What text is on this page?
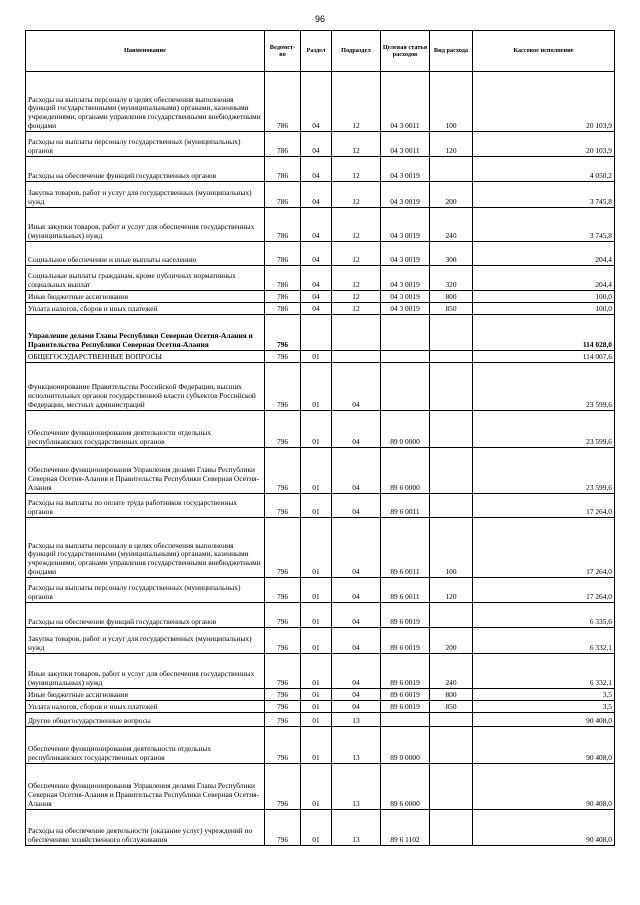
96
Наименование	Ведомст- во	Раздел	Подраздел	Целевая статья расходов	Вид расхода	Кассовое исполнение
Расходы на выплаты персоналу в целях обеспечения выполнения функций государственными (муниципальными) органами, казенными учреждениями, органами управления государственными внебюджетными фондами	786	04	12	04 3 0011	100	20 103,9
Расходы на выплаты персоналу государственных (муниципальных) органов	786	04	12	04 3 0011	120	20 103,9
Расходы на обеспечение функций государственных органов	786	04	12	04 3 0019		4 050,2
Закупка товаров, работ и услуг для государственных (муниципальных) нужд	786	04	12	04 3 0019	200	3 745,8
Иные закупки товаров, работ и услуг для обеспечения государственных (муниципальных) нужд	786	04	12	04 3 0019	240	3 745,8
Социальное обеспечение и иные выплаты населению	786	04	12	04 3 0019	300	204,4
Социальные выплаты гражданам, кроме публичных нормативных социальных выплат	786	04	12	04 3 0019	320	204,4
Иные бюджетные ассигнования	786	04	12	04 3 0019	800	100,0
Уплата налогов, сборов и иных платежей	786	04	12	04 3 0019	850	100,0
Управление делами Главы Республики Северная Осетия-Алания и Правительства Республики Северная Осетия-Алания	796					114 028,0
ОБЩЕГОСУДАРСТВЕННЫЕ ВОПРОСЫ	796	01				114 007,6
Функционирование Правительства Российской Федерации, высших исполнительных органов государственной власти субъектов Российской Федерации, местных администраций	796	01	04			23 599,6
Обеспечение функционирования деятельности отдельных республиканских государственных органов	796	01	04	89 0 0000		23 599,6
Обеспечение функционирования Управления делами Главы Республики Северная Осетия-Алания и Правительства Республики Северная Осетия-Алания	796	01	04	89 6 0000		23 599,6
Расходы на выплаты по оплате труда работников государственных органов	796	01	04	89 6 0011		17 264,0
Расходы на выплаты персоналу в целях обеспечения выполнения функций государственными (муниципальными) органами, казенными учреждениями, органами управления государственными внебюджетными фондами	796	01	04	89 6 0011	100	17 264,0
Расходы на выплаты персоналу государственных (муниципальных) органов	796	01	04	89 6 0011	120	17 264,0
Расходы на обеспечение функций государственных органов	796	01	04	89 6 0019		6 335,6
Закупка товаров, работ и услуг для государственных (муниципальных) нужд	796	01	04	89 6 0019	200	6 332,1
Иные закупки товаров, работ и услуг для обеспечения государственных (муниципальных) нужд	796	01	04	89 6 0019	240	6 332,1
Иные бюджетные ассигнования	796	01	04	89 6 0019	800	3,5
Уплата налогов, сборов и иных платежей	796	01	04	89 6 0019	850	3,5
Другие общегосударственные вопросы	796	01	13			90 408,0
Обеспечение функционирования деятельности отдельных республиканских государственных органов	796	01	13	89 0 0000		90 408,0
Обеспечение функционирования Управления делами Главы Республики Северная Осетия-Алания и Правительства Республики Северная Осетия-Алания	796	01	13	89 6 0000		90 408,0
Расходы на обеспечение деятельности (оказание услуг) учреждений по обеспечению хозяйственного обслуживания	796	01	13	89 6 1102		90 408,0
